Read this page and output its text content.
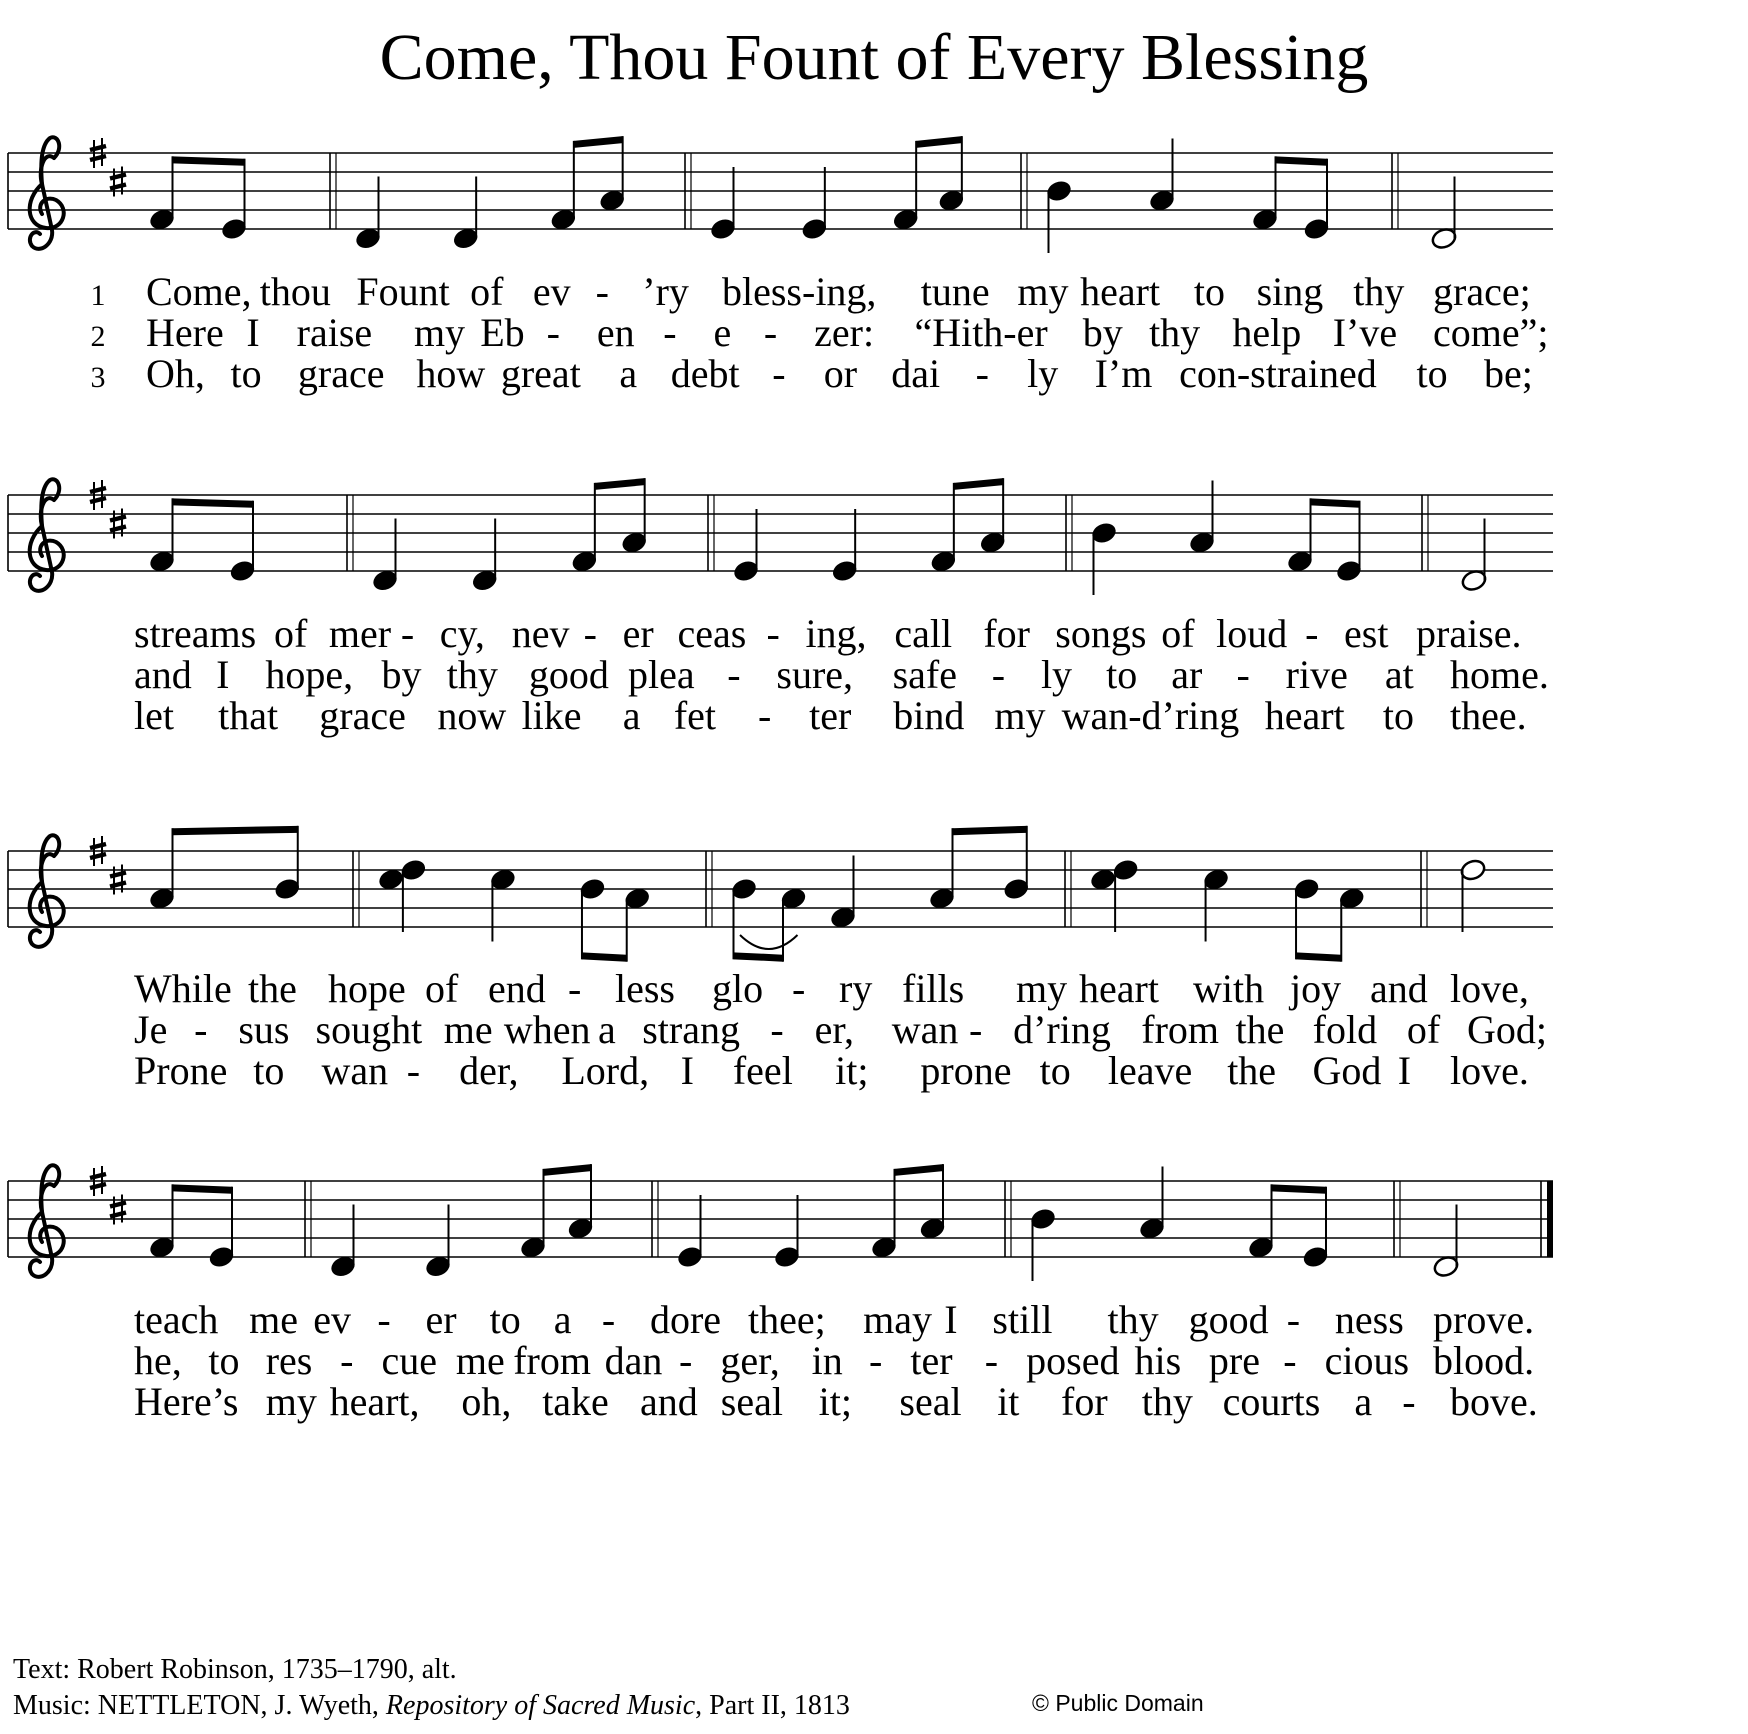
Come, Thou Fount of Every Blessing
1 Come, thou Fount of ev - ’ry bless-ing, tune my heart to sing thy grace;
2 Here I raise my Eb - en - e - zer: “Hith-er by thy help I’ve come”;
3 Oh, to grace how great a debt - or dai - ly I’m con-strained to be;
streams of mer - cy, nev - er ceas - ing, call for songs of loud - est praise.
and I hope, by thy good plea - sure, safe - ly to ar - rive at home.
let that grace now like a fet - ter bind my wan-d’ring heart to thee.
While the hope of end - less glo - ry fills my heart with joy and love,
Je - sus sought me when a strang - er, wan - d’ring from the fold of God;
Prone to wan - der, Lord, I feel it; prone to leave the God I love.
teach me ev - er to a - dore thee; may I still thy good - ness prove.
he, to res - cue me from dan - ger, in - ter - posed his pre - cious blood.
Here’s my heart, oh, take and seal it; seal it for thy courts a - bove.
Text: Robert Robinson, 1735–1790, alt.
Music: NETTLETON, J. Wyeth, Repository of Sacred Music, Part II, 1813	© Public Domain
